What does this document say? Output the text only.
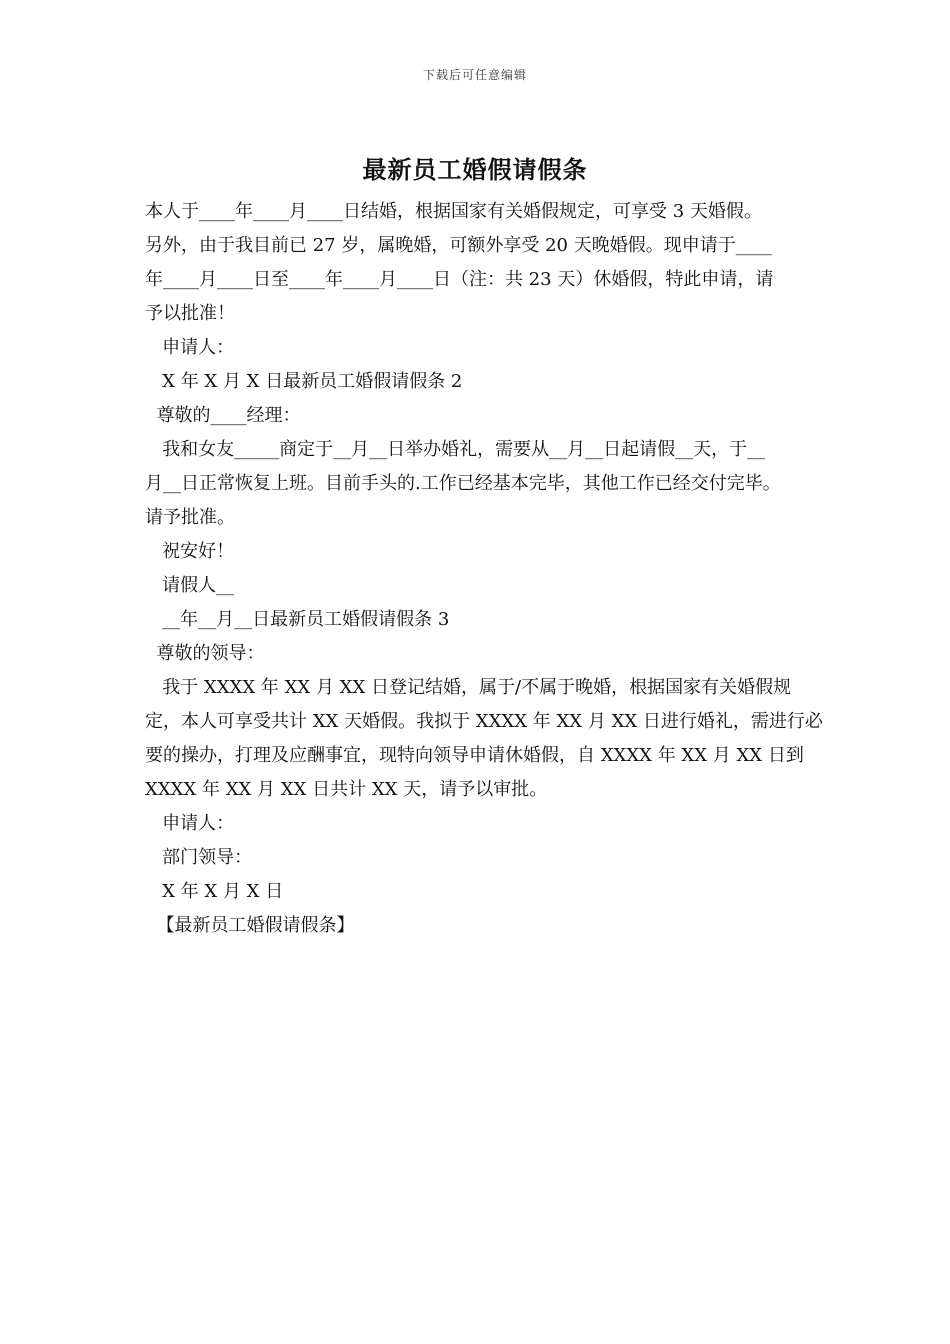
下载后可任意编辑
最新员工婚假请假条

本人于____年____月____日结婚，根据国家有关婚假规定，可享受 3 天婚假。

另外，由于我目前已 27 岁，属晚婚，可额外享受 20 天晚婚假。现申请于____

年____月____日至____年____月____日（注：共 23 天）休婚假，特此申请，请

予以批准！

申请人：

X 年 X 月 X 日最新员工婚假请假条 2

尊敬的____经理：

我和女友_____商定于__月__日举办婚礼，需要从__月__日起请假__天，于__

月__日正常恢复上班。目前手头的.工作已经基本完毕，其他工作已经交付完毕。

请予批准。

祝安好！

请假人__

__年__月__日最新员工婚假请假条 3

尊敬的领导：

我于 XXXX 年 XX 月 XX 日登记结婚，属于/不属于晚婚，根据国家有关婚假规

定，本人可享受共计 XX 天婚假。我拟于 XXXX 年 XX 月 XX 日进行婚礼，需进行必

要的操办，打理及应酬事宜，现特向领导申请休婚假，自 XXXX 年 XX 月 XX 日到

XXXX 年 XX 月 XX 日共计 XX 天，请予以审批。

申请人：

部门领导：

X 年 X 月 X 日

【最新员工婚假请假条】
